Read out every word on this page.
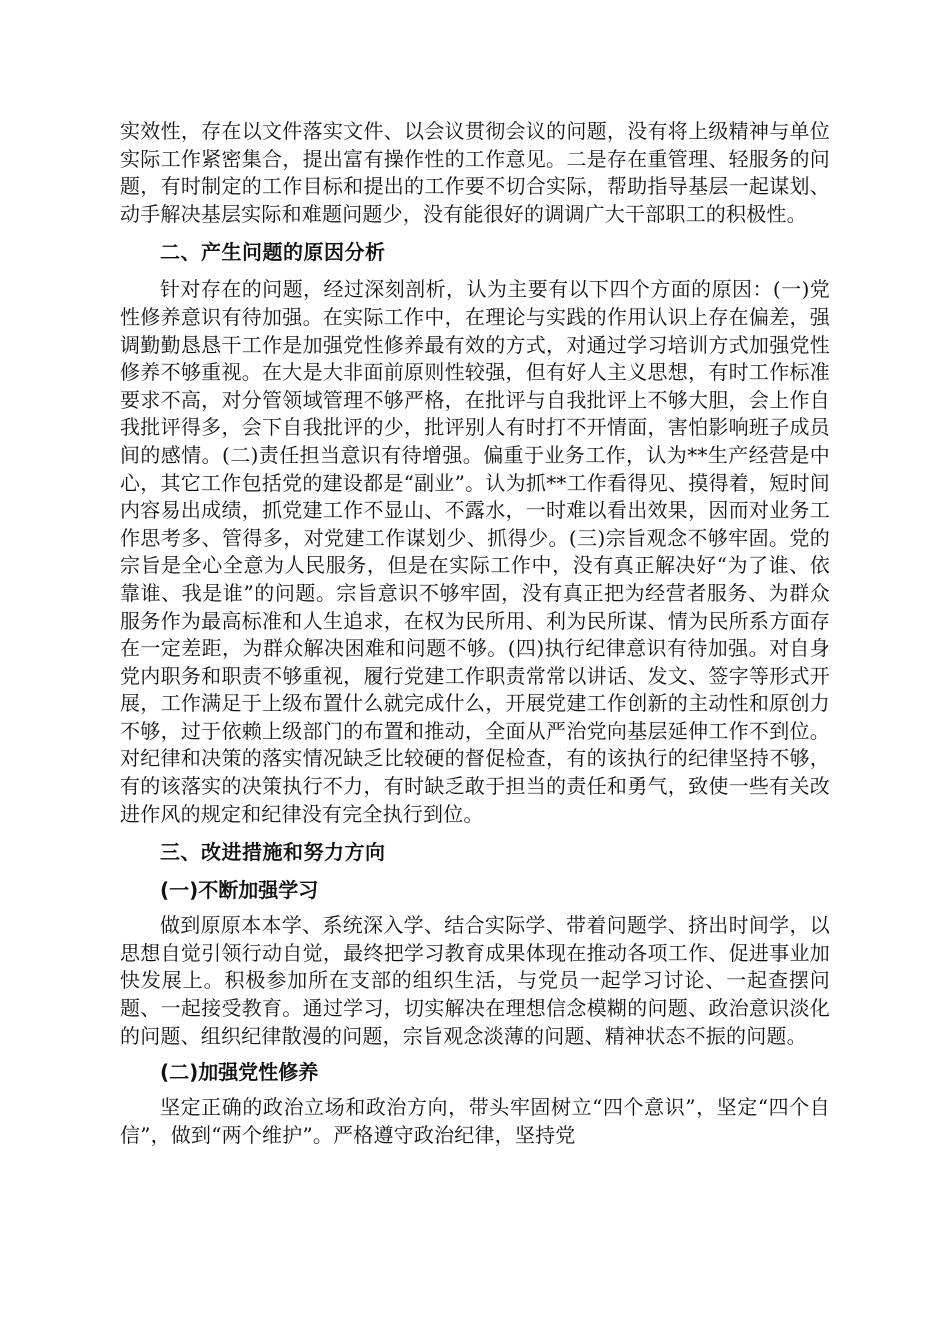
实效性，存在以文件落实文件、以会议贯彻会议的问题，没有将上级精神与单位实际工作紧密集合，提出富有操作性的工作意见。二是存在重管理、轻服务的问题，有时制定的工作目标和提出的工作要不切合实际，帮助指导基层一起谋划、动手解决基层实际和难题问题少，没有能很好的调调广大干部职工的积极性。

二、产生问题的原因分析

针对存在的问题，经过深刻剖析，认为主要有以下四个方面的原因：(一)党性修养意识有待加强。在实际工作中，在理论与实践的作用认识上存在偏差，强调勤勤恳恳干工作是加强党性修养最有效的方式，对通过学习培训方式加强党性修养不够重视。在大是大非面前原则性较强，但有好人主义思想，有时工作标准要求不高，对分管领域管理不够严格，在批评与自我批评上不够大胆，会上作自我批评得多，会下自我批评的少，批评别人有时打不开情面，害怕影响班子成员间的感情。(二)责任担当意识有待增强。偏重于业务工作，认为**生产经营是中心，其它工作包括党的建设都是“副业”。认为抓**工作看得见、摸得着，短时间内容易出成绩，抓党建工作不显山、不露水，一时难以看出效果，因而对业务工作思考多、管得多，对党建工作谋划少、抓得少。(三)宗旨观念不够牢固。党的宗旨是全心全意为人民服务，但是在实际工作中，没有真正解决好“为了谁、依靠谁、我是谁”的问题。宗旨意识不够牢固，没有真正把为经营者服务、为群众服务作为最高标准和人生追求，在权为民所用、利为民所谋、情为民所系方面存在一定差距，为群众解决困难和问题不够。(四)执行纪律意识有待加强。对自身党内职务和职责不够重视，履行党建工作职责常常以讲话、发文、签字等形式开展，工作满足于上级布置什么就完成什么，开展党建工作创新的主动性和原创力不够，过于依赖上级部门的布置和推动，全面从严治党向基层延伸工作不到位。对纪律和决策的落实情况缺乏比较硬的督促检查，有的该执行的纪律坚持不够，有的该落实的决策执行不力，有时缺乏敢于担当的责任和勇气，致使一些有关改进作风的规定和纪律没有完全执行到位。

三、改进措施和努力方向
(一)不断加强学习

做到原原本本学、系统深入学、结合实际学、带着问题学、挤出时间学，以思想自觉引领行动自觉，最终把学习教育成果体现在推动各项工作、促进事业加快发展上。积极参加所在支部的组织生活，与党员一起学习讨论、一起查摆问题、一起接受教育。通过学习，切实解决在理想信念模糊的问题、政治意识淡化的问题、组织纪律散漫的问题，宗旨观念淡薄的问题、精神状态不振的问题。

(二)加强党性修养

坚定正确的政治立场和政治方向，带头牢固树立“四个意识”，坚定“四个自信”，做到“两个维护”。严格遵守政治纪律，坚持党
